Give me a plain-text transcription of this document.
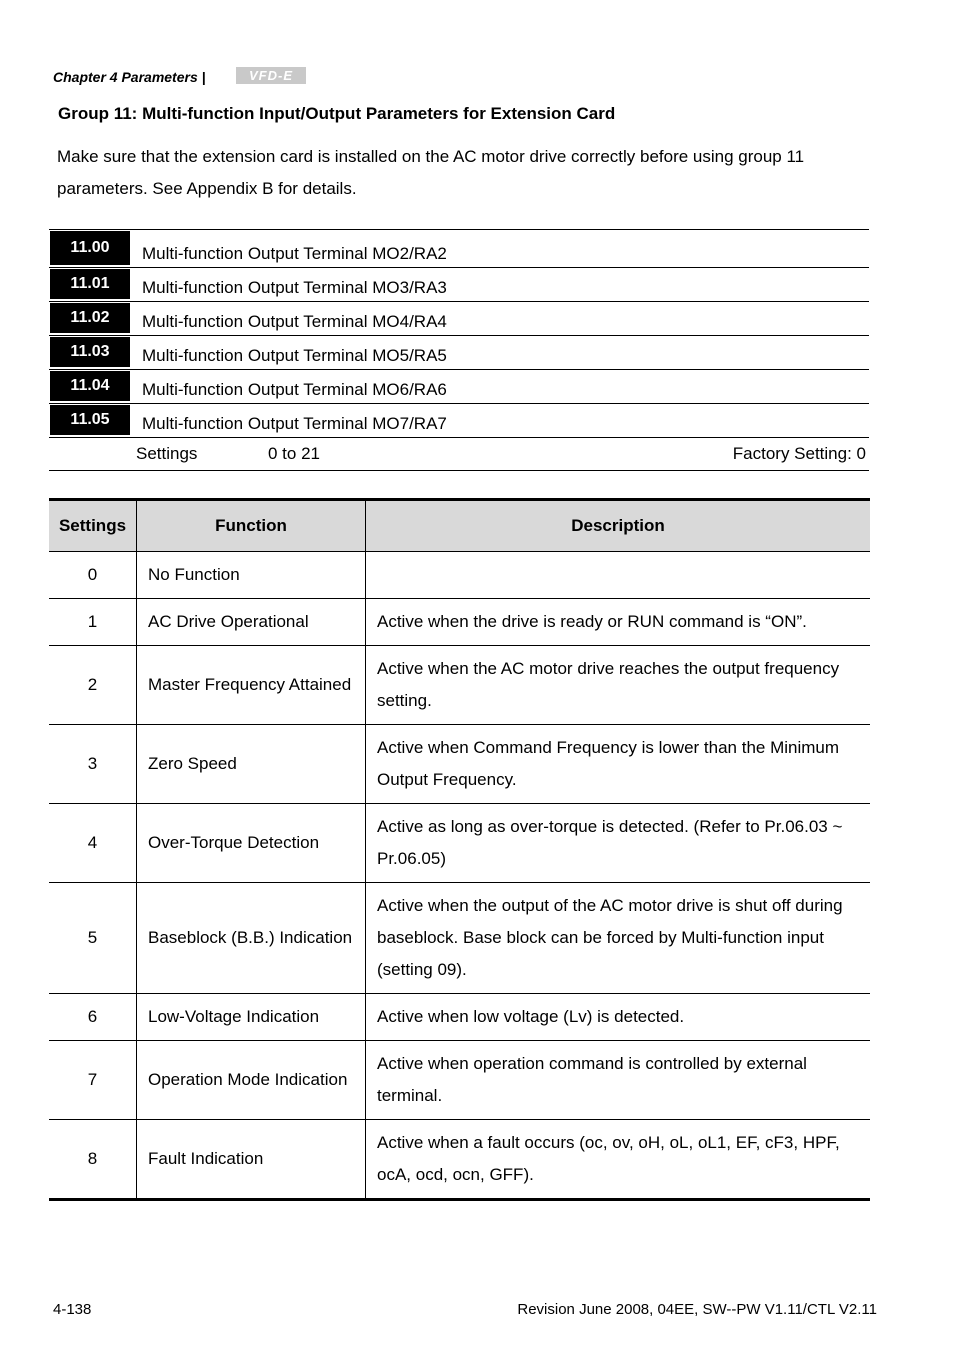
Chapter 4 Parameters |	VFD-E
Group 11: Multi-function Input/Output Parameters for Extension Card
Make sure that the extension card is installed on the AC motor drive correctly before using group 11 parameters. See Appendix B for details.
11.00	Multi-function Output Terminal MO2/RA2
11.01	Multi-function Output Terminal MO3/RA3
11.02	Multi-function Output Terminal MO4/RA4
11.03	Multi-function Output Terminal MO5/RA5
11.04	Multi-function Output Terminal MO6/RA6
11.05	Multi-function Output Terminal MO7/RA7
Settings	0 to 21	Factory Setting: 0
Settings	Function	Description
0	No Function	
1	AC Drive Operational	Active when the drive is ready or RUN command is “ON”.
2	Master Frequency Attained	Active when the AC motor drive reaches the output frequency setting.
3	Zero Speed	Active when Command Frequency is lower than the Minimum Output Frequency.
4	Over-Torque Detection	Active as long as over-torque is detected. (Refer to Pr.06.03 ~ Pr.06.05)
5	Baseblock (B.B.) Indication	Active when the output of the AC motor drive is shut off during baseblock. Base block can be forced by Multi-function input (setting 09).
6	Low-Voltage Indication	Active when low voltage (Lv) is detected.
7	Operation Mode Indication	Active when operation command is controlled by external terminal.
8	Fault Indication	Active when a fault occurs (oc, ov, oH, oL, oL1, EF, cF3, HPF, ocA, ocd, ocn, GFF).
4-138	Revision June 2008, 04EE, SW--PW V1.11/CTL V2.11
